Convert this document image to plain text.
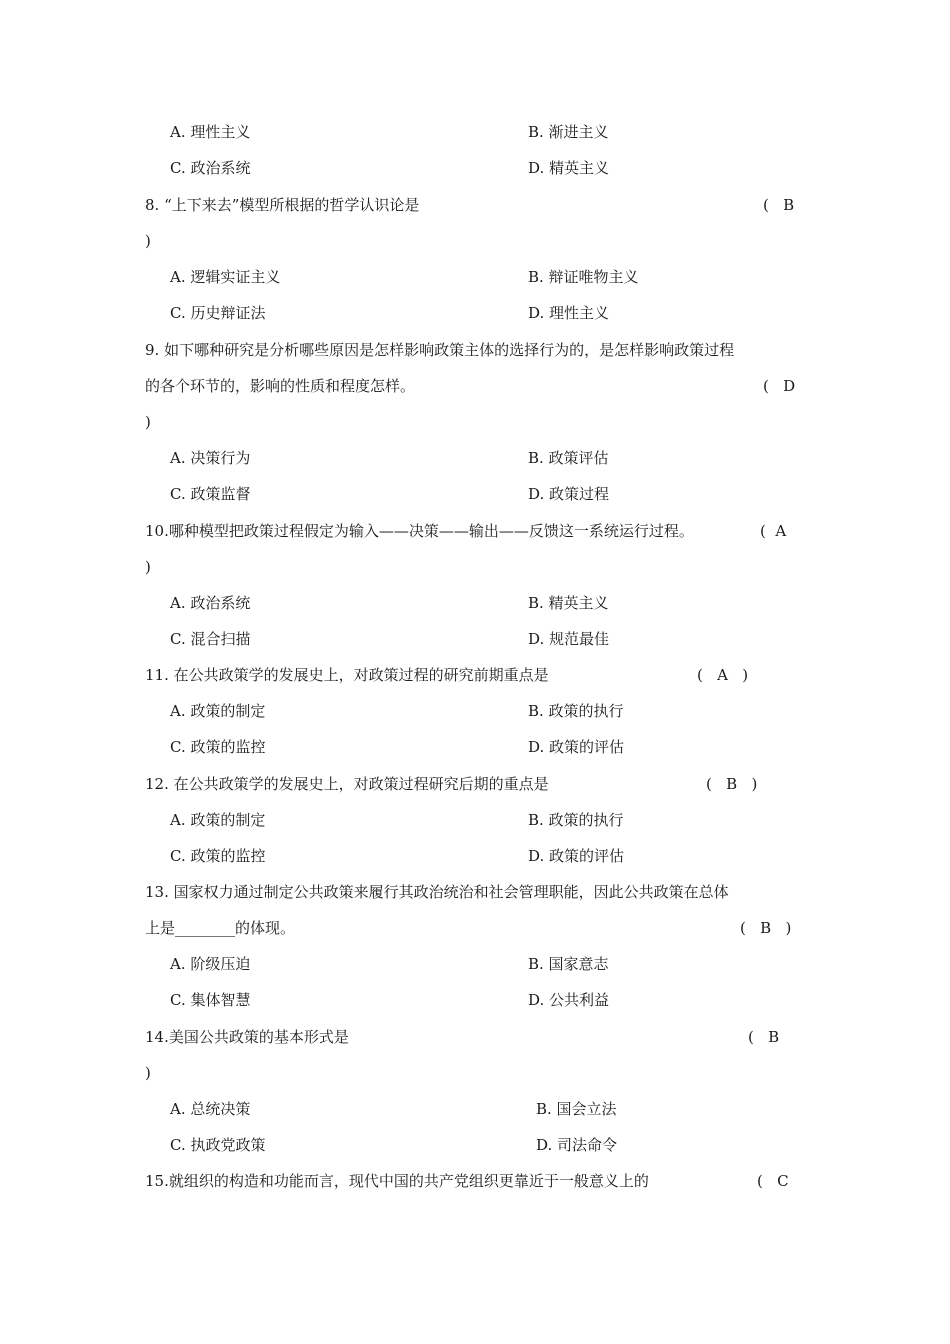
A. 理性主义	B. 渐进主义
C. 政治系统	D. 精英主义
8. “上下来去”模型所根据的哲学认识论是
)
A. 逻辑实证主义	B. 辩证唯物主义
C. 历史辩证法	D. 理性主义
9. 如下哪种研究是分析哪些原因是怎样影响政策主体的选择行为的，是怎样影响政策过程
的各个环节的，影响的性质和程度怎样。
)
A. 决策行为	B. 政策评估
C. 政策监督	D. 政策过程
10.哪种模型把政策过程假定为输入——决策——输出——反馈这一系统运行过程。
)
A. 政治系统	B. 精英主义
C. 混合扫描	D. 规范最佳
11. 在公共政策学的发展史上，对政策过程的研究前期重点是
A. 政策的制定	B. 政策的执行
C. 政策的监控	D. 政策的评估
12. 在公共政策学的发展史上，对政策过程研究后期的重点是
A. 政策的制定	B. 政策的执行
C. 政策的监控	D. 政策的评估
13. 国家权力通过制定公共政策来履行其政治统治和社会管理职能，因此公共政策在总体
上是________的体现。
A. 阶级压迫	B. 国家意志
C. 集体智慧	D. 公共利益
14.美国公共政策的基本形式是
)
A. 总统决策	B. 国会立法
C. 执政党政策	D. 司法命令
15.就组织的构造和功能而言，现代中国的共产党组织更靠近于一般意义上的
(   B
(   D
(  A
(   A   )
(   B   )
(   B   )
(   B
(   C
